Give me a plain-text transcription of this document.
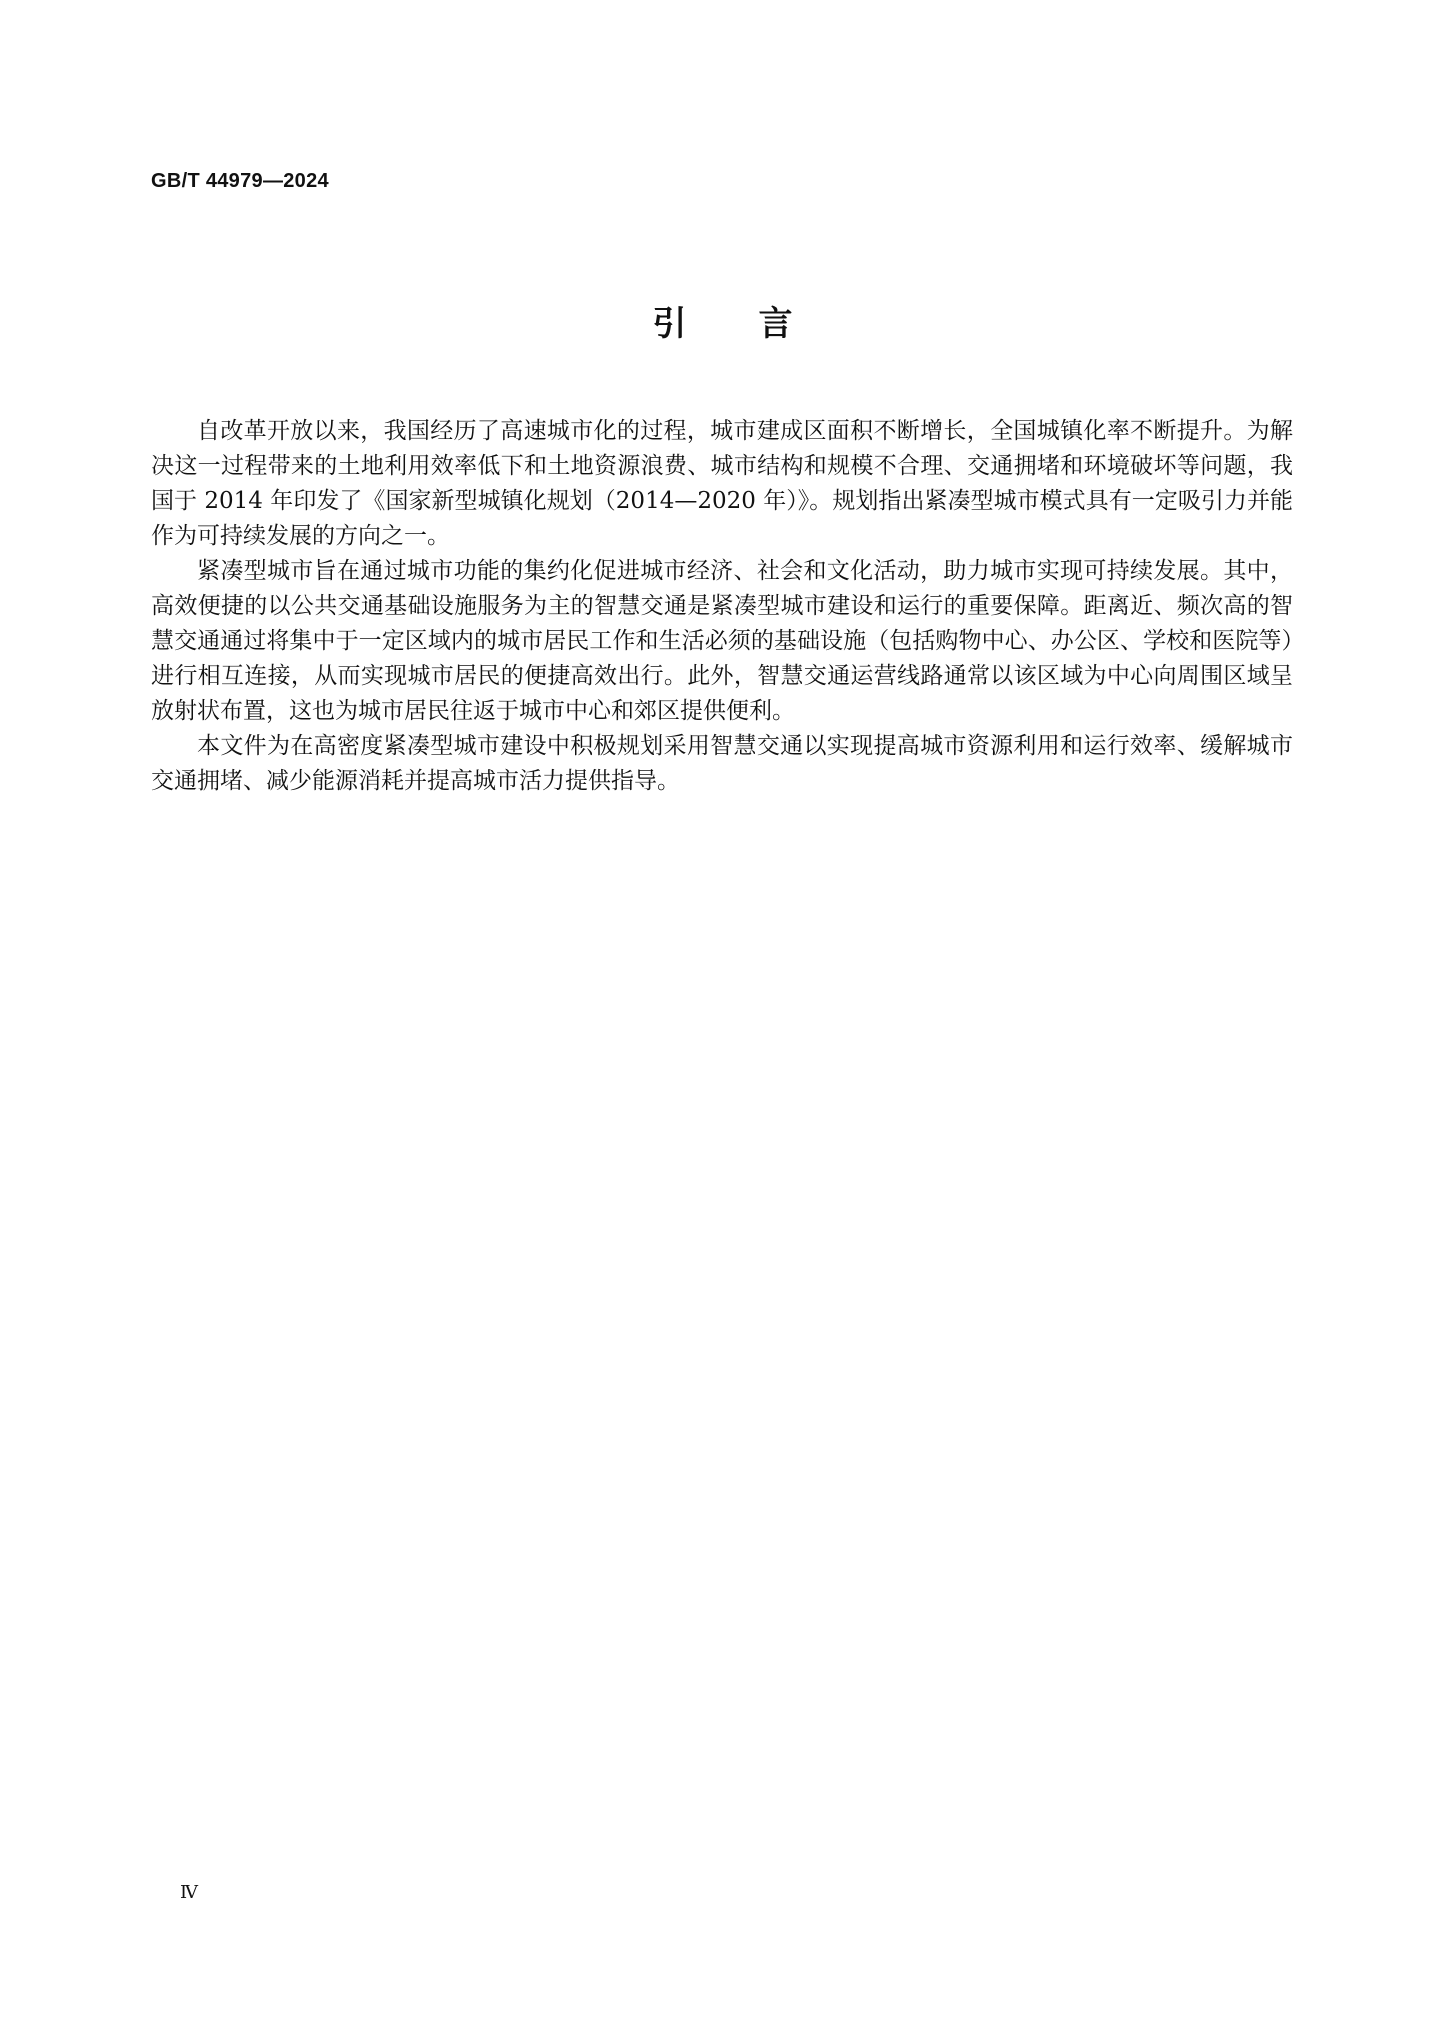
GB/T 44979—2024
引 言

自改革开放以来，我国经历了高速城市化的过程，城市建成区面积不断增长，全国城镇化率不断提升。为解决这一过程带来的土地利用效率低下和土地资源浪费、城市结构和规模不合理、交通拥堵和环境破坏等问题，我国于 2014 年印发了《国家新型城镇化规划（2014—2020 年）》。规划指出紧凑型城市模式具有一定吸引力并能作为可持续发展的方向之一。

紧凑型城市旨在通过城市功能的集约化促进城市经济、社会和文化活动，助力城市实现可持续发展。其中，高效便捷的以公共交通基础设施服务为主的智慧交通是紧凑型城市建设和运行的重要保障。距离近、频次高的智慧交通通过将集中于一定区域内的城市居民工作和生活必须的基础设施（包括购物中心、办公区、学校和医院等）进行相互连接，从而实现城市居民的便捷高效出行。此外，智慧交通运营线路通常以该区域为中心向周围区域呈放射状布置，这也为城市居民往返于城市中心和郊区提供便利。

本文件为在高密度紧凑型城市建设中积极规划采用智慧交通以实现提高城市资源利用和运行效率、缓解城市交通拥堵、减少能源消耗并提高城市活力提供指导。

Ⅳ
